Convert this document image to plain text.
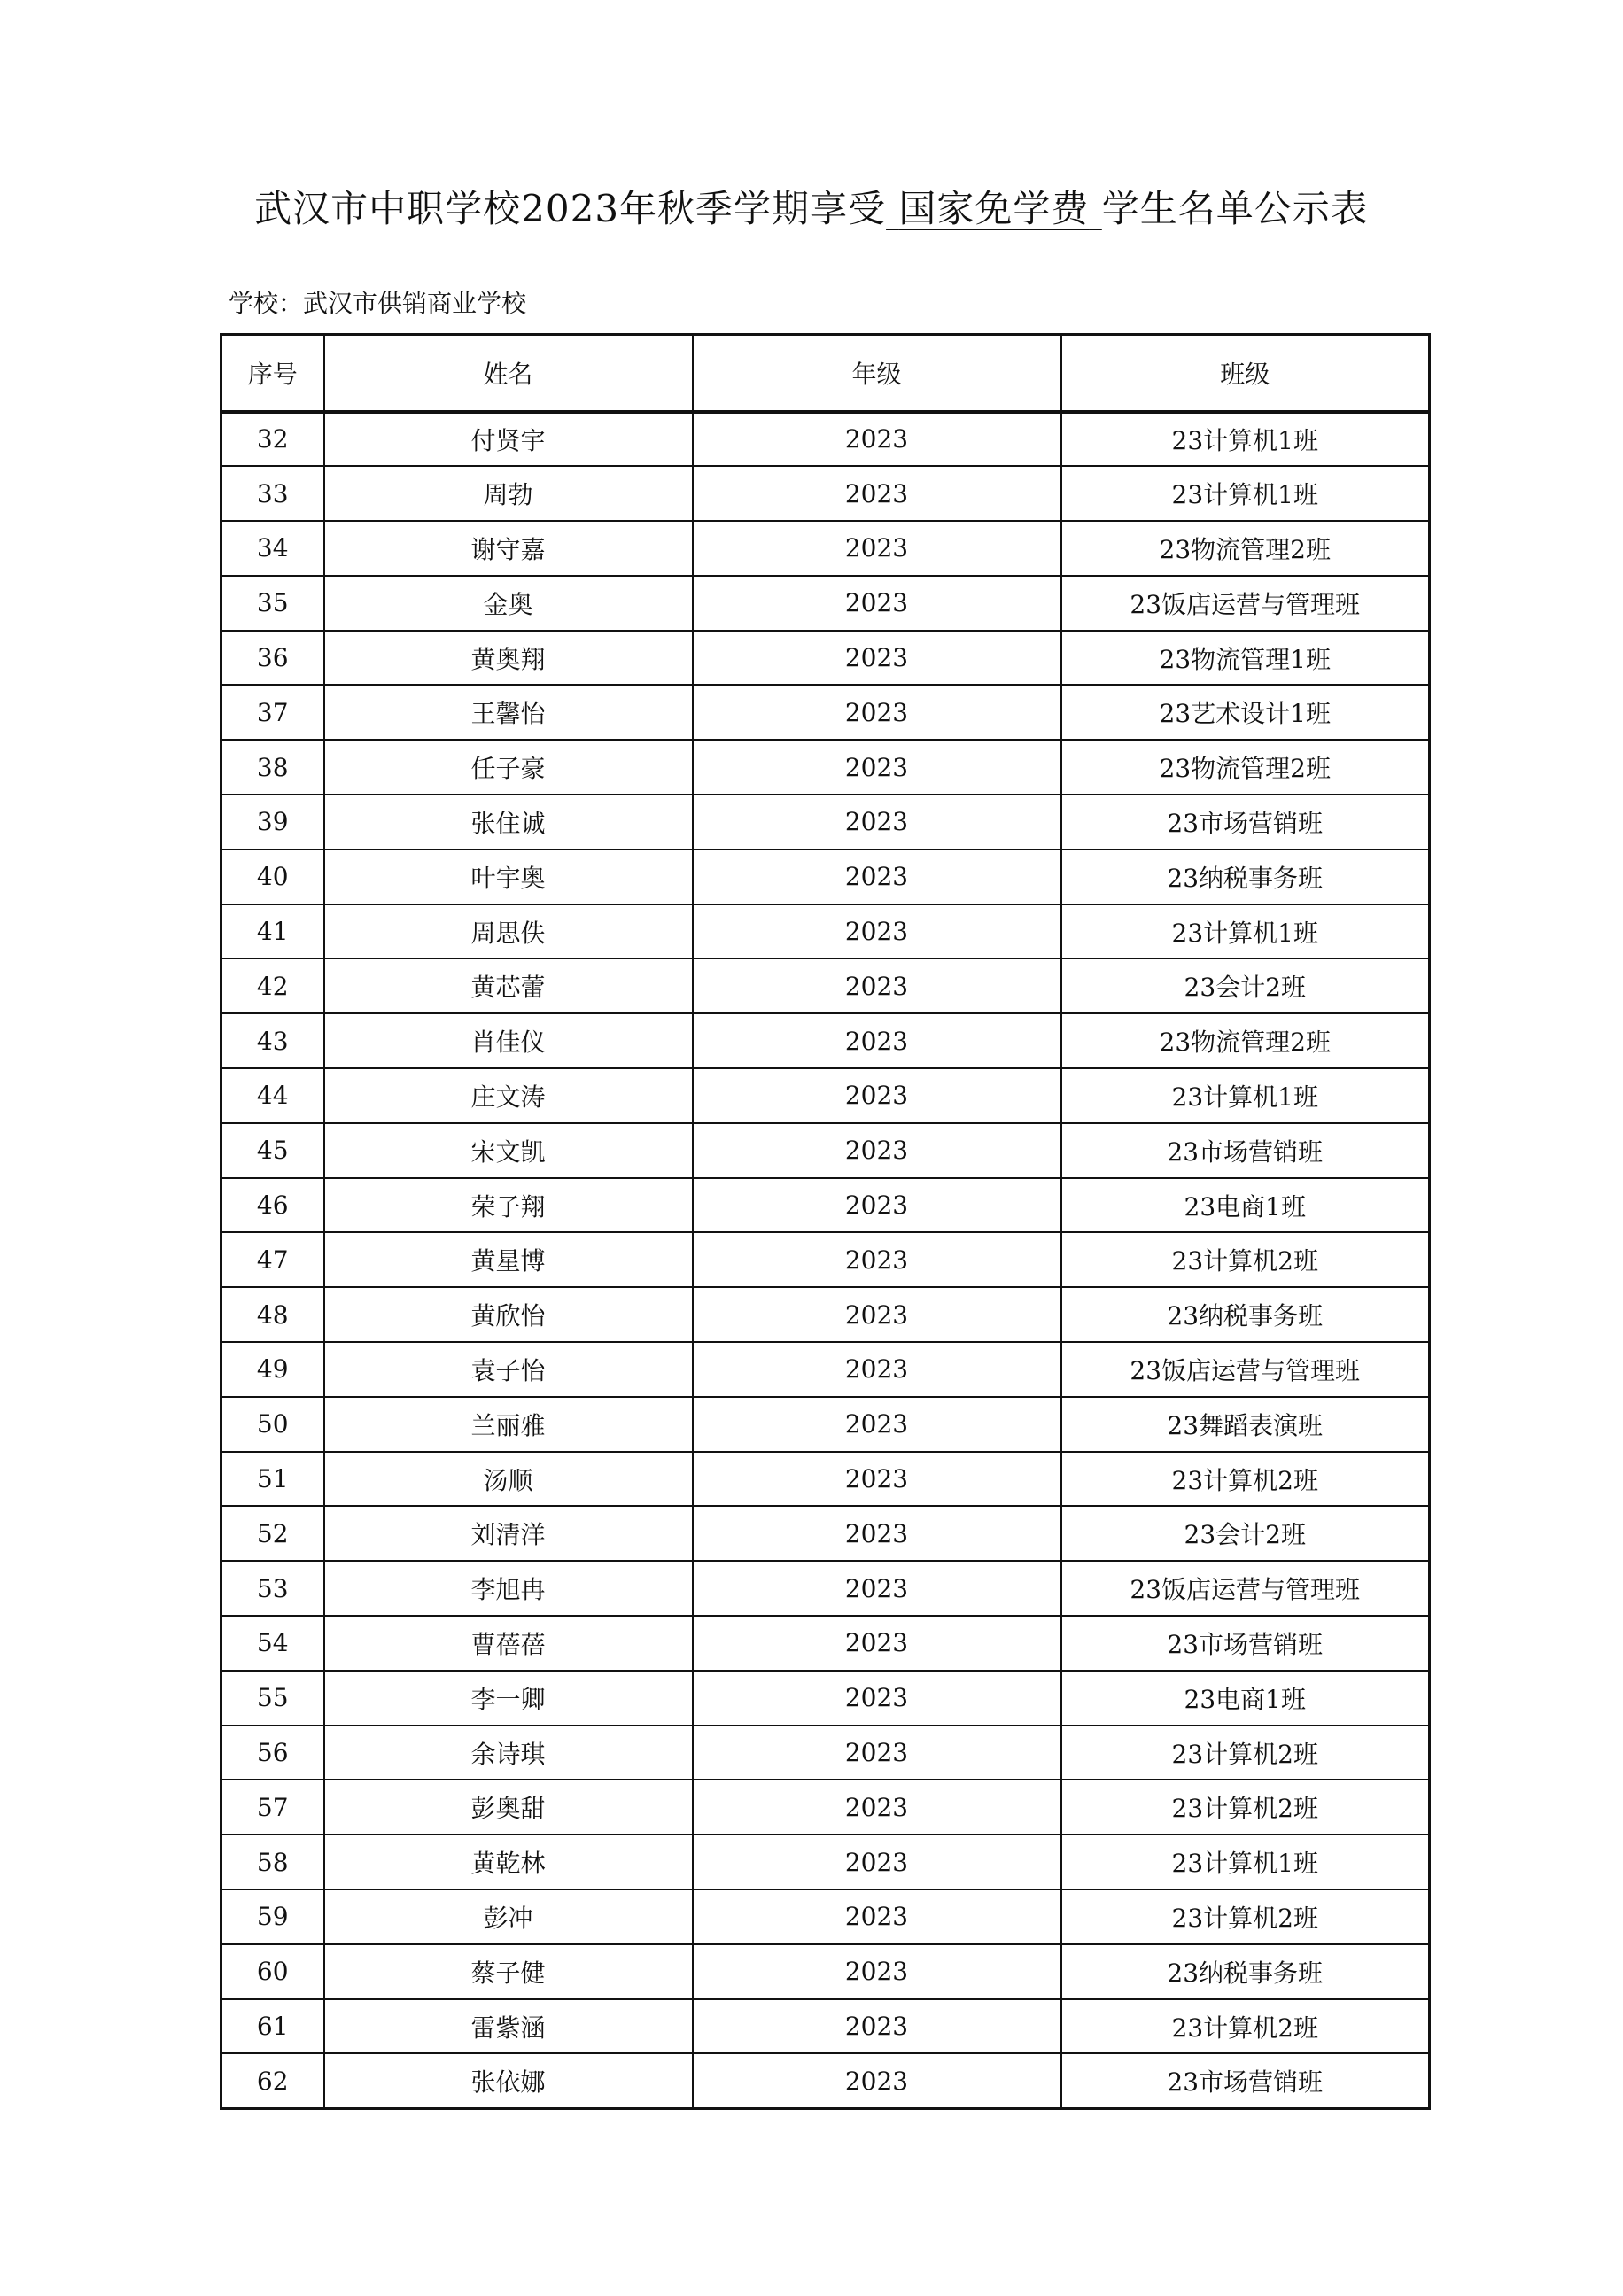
武汉市中职学校2023年秋季学期享受 国家免学费 学生名单公示表
学校：武汉市供销商业学校
序号	姓名	年级	班级
32	付贤宇	2023	23计算机1班
33	周勃	2023	23计算机1班
34	谢守嘉	2023	23物流管理2班
35	金奥	2023	23饭店运营与管理班
36	黄奥翔	2023	23物流管理1班
37	王馨怡	2023	23艺术设计1班
38	任子豪	2023	23物流管理2班
39	张住诚	2023	23市场营销班
40	叶宇奥	2023	23纳税事务班
41	周思佚	2023	23计算机1班
42	黄芯蕾	2023	23会计2班
43	肖佳仪	2023	23物流管理2班
44	庄文涛	2023	23计算机1班
45	宋文凯	2023	23市场营销班
46	荣子翔	2023	23电商1班
47	黄星博	2023	23计算机2班
48	黄欣怡	2023	23纳税事务班
49	袁子怡	2023	23饭店运营与管理班
50	兰丽雅	2023	23舞蹈表演班
51	汤顺	2023	23计算机2班
52	刘清洋	2023	23会计2班
53	李旭冉	2023	23饭店运营与管理班
54	曹蓓蓓	2023	23市场营销班
55	李一卿	2023	23电商1班
56	余诗琪	2023	23计算机2班
57	彭奥甜	2023	23计算机2班
58	黄乾林	2023	23计算机1班
59	彭冲	2023	23计算机2班
60	蔡子健	2023	23纳税事务班
61	雷紫涵	2023	23计算机2班
62	张依娜	2023	23市场营销班
